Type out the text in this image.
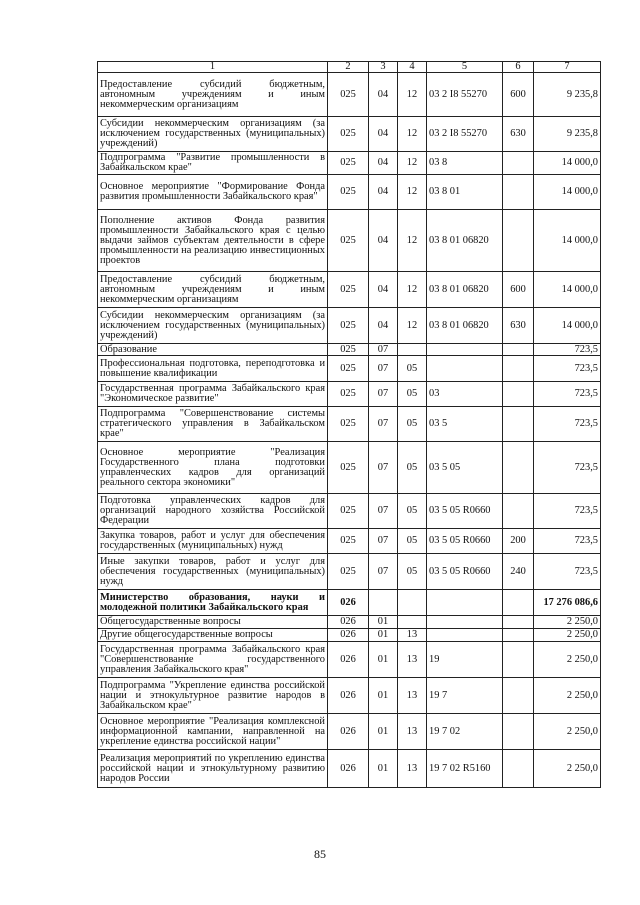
1	2	3	4	5	6	7
Предоставление субсидий бюджетным, автономным учреждениям и иным некоммерческим организациям	025	04	12	03 2 I8 55270	600	9 235,8
Субсидии некоммерческим организациям (за исключением государственных (муниципальных) учреждений)	025	04	12	03 2 I8 55270	630	9 235,8
Подпрограмма "Развитие промышленности в Забайкальском крае"	025	04	12	03 8		14 000,0
Основное мероприятие "Формирование Фонда развития промышленности Забайкальского края"	025	04	12	03 8 01		14 000,0
Пополнение активов Фонда развития промышленности Забайкальского края с целью выдачи займов субъектам деятельности в сфере промышленности на реализацию инвестиционных проектов	025	04	12	03 8 01 06820		14 000,0
Предоставление субсидий бюджетным, автономным учреждениям и иным некоммерческим организациям	025	04	12	03 8 01 06820	600	14 000,0
Субсидии некоммерческим организациям (за исключением государственных (муниципальных) учреждений)	025	04	12	03 8 01 06820	630	14 000,0
Образование	025	07				723,5
Профессиональная подготовка, переподготовка и повышение квалификации	025	07	05			723,5
Государственная программа Забайкальского края "Экономическое развитие"	025	07	05	03		723,5
Подпрограмма "Совершенствование системы стратегического управления в Забайкальском крае"	025	07	05	03 5		723,5
Основное мероприятие "Реализация Государственного плана подготовки управленческих кадров для организаций реального сектора экономики"	025	07	05	03 5 05		723,5
Подготовка управленческих кадров для организаций народного хозяйства Российской Федерации	025	07	05	03 5 05 R0660		723,5
Закупка товаров, работ и услуг для обеспечения государственных (муниципальных) нужд	025	07	05	03 5 05 R0660	200	723,5
Иные закупки товаров, работ и услуг для обеспечения государственных (муниципальных) нужд	025	07	05	03 5 05 R0660	240	723,5
Министерство образования, науки и молодежной политики Забайкальского края	026					17 276 086,6
Общегосударственные вопросы	026	01				2 250,0
Другие общегосударственные вопросы	026	01	13			2 250,0
Государственная программа Забайкальского края "Совершенствование государственного управления Забайкальского края"	026	01	13	19		2 250,0
Подпрограмма "Укрепление единства российской нации и этнокультурное развитие народов в Забайкальском крае"	026	01	13	19 7		2 250,0
Основное мероприятие "Реализация комплексной информационной кампании, направленной на укрепление единства российской нации"	026	01	13	19 7 02		2 250,0
Реализация мероприятий по укреплению единства российской нации и этнокультурному развитию народов России	026	01	13	19 7 02 R5160		2 250,0
85
